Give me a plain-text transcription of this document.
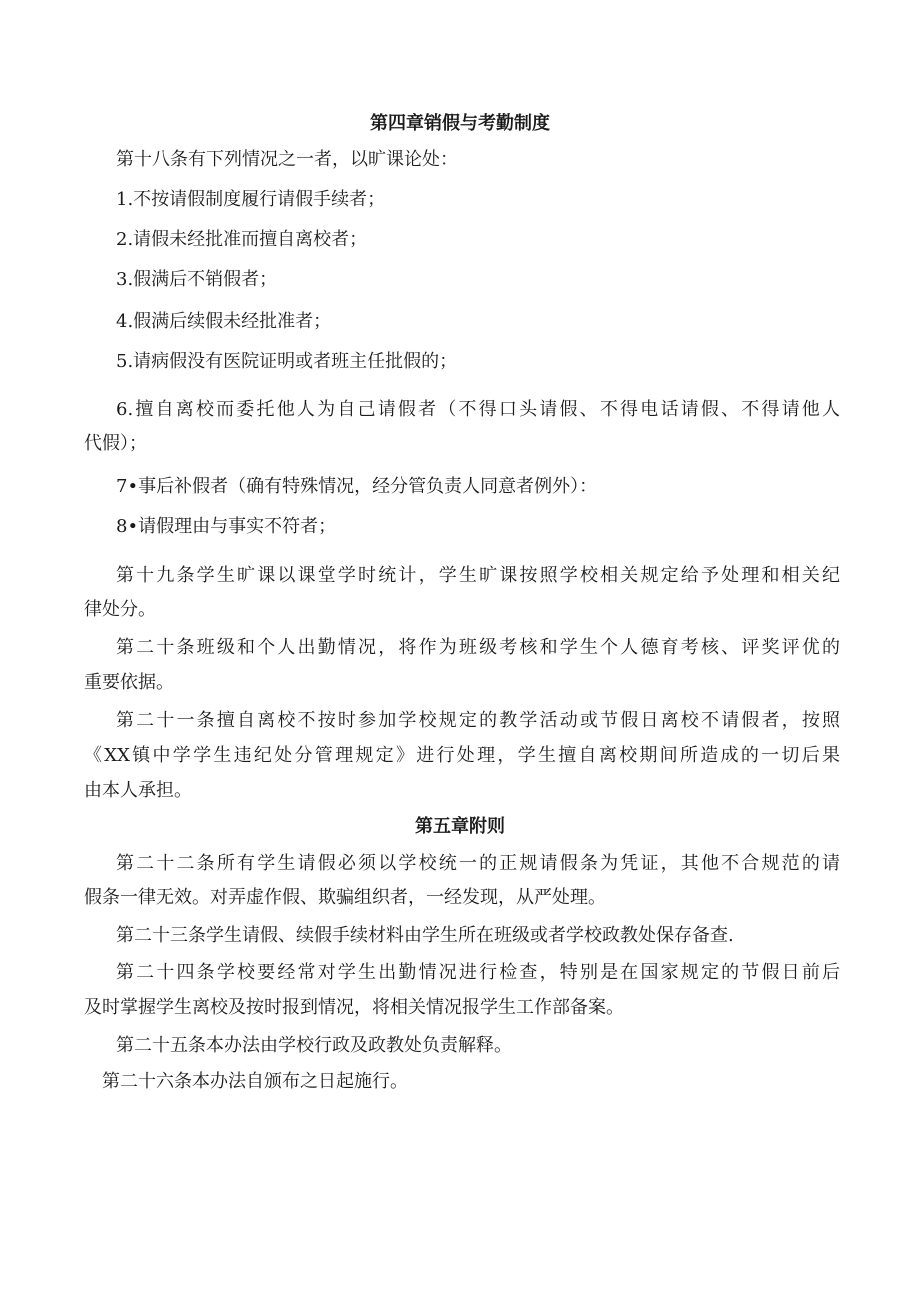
第四章销假与考勤制度
第十八条有下列情况之一者，以旷课论处：
1.不按请假制度履行请假手续者；
2.请假未经批准而擅自离校者；
3.假满后不销假者；
4.假满后续假未经批准者；
5.请病假没有医院证明或者班主任批假的；
6.擅自离校而委托他人为自己请假者（不得口头请假、不得电话请假、不得请他人
代假）；
7•事后补假者（确有特殊情况，经分管负责人同意者例外）：
8•请假理由与事实不符者；
第十九条学生旷课以课堂学时统计，学生旷课按照学校相关规定给予处理和相关纪
律处分。
第二十条班级和个人出勤情况，将作为班级考核和学生个人德育考核、评奖评优的
重要依据。
第二十一条擅自离校不按时参加学校规定的教学活动或节假日离校不请假者，按照
《XX镇中学学生违纪处分管理规定》进行处理，学生擅自离校期间所造成的一切后果
由本人承担。
第五章附则
第二十二条所有学生请假必须以学校统一的正规请假条为凭证，其他不合规范的请
假条一律无效。对弄虚作假、欺骗组织者，一经发现，从严处理。
第二十三条学生请假、续假手续材料由学生所在班级或者学校政教处保存备查.
第二十四条学校要经常对学生出勤情况进行检查，特别是在国家规定的节假日前后
及时掌握学生离校及按时报到情况，将相关情况报学生工作部备案。
第二十五条本办法由学校行政及政教处负责解释。
第二十六条本办法自颁布之日起施行。
